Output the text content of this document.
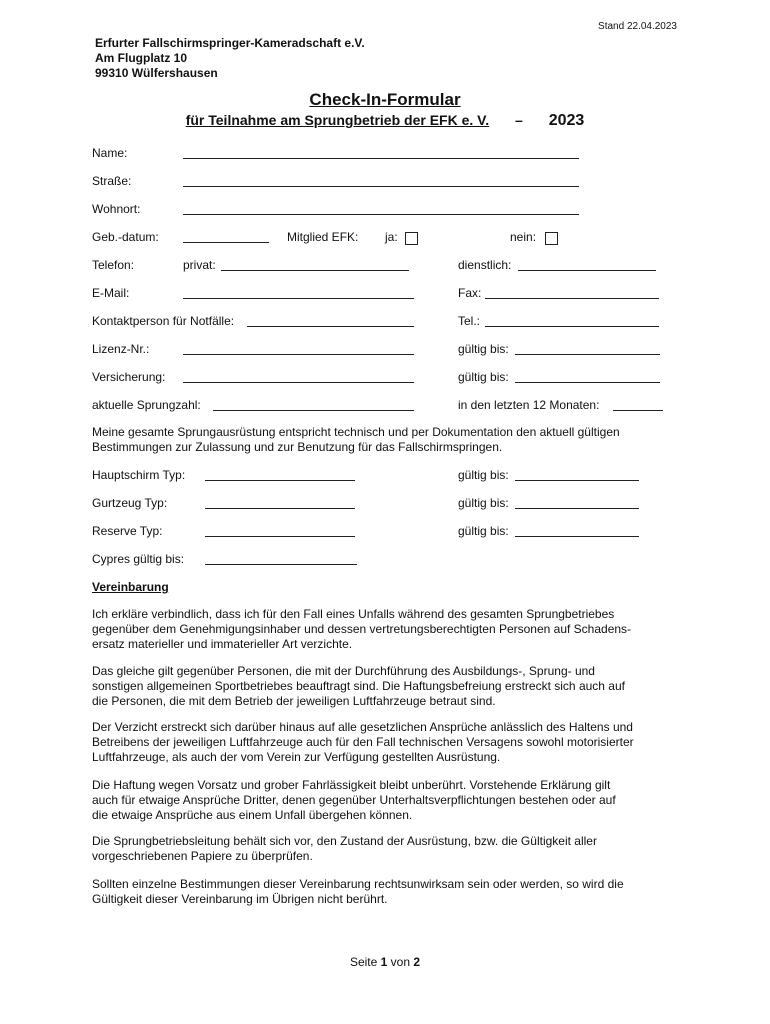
Stand 22.04.2023
Erfurter Fallschirmspringer-Kameradschaft e.V.
Am Flugplatz 10
99310 Wülfershausen
Check-In-Formular
für Teilnahme am Sprungbetrieb der EFK e. V. – 2023
Name:
Straße:
Wohnort:
Geb.-datum:	Mitglied EFK: ja:	nein:
Telefon:	privat:	dienstlich:
E-Mail:	Fax:
Kontaktperson für Notfälle:	Tel.:
Lizenz-Nr.:	gültig bis:
Versicherung:	gültig bis:
aktuelle Sprungzahl:	in den letzten 12 Monaten:
Meine gesamte Sprungausrüstung entspricht technisch und per Dokumentation den aktuell gültigen
Bestimmungen zur Zulassung und zur Benutzung für das Fallschirmspringen.
Hauptschirm Typ:	gültig bis:
Gurtzeug Typ:	gültig bis:
Reserve Typ:	gültig bis:
Cypres gültig bis:
Vereinbarung
Ich erkläre verbindlich, dass ich für den Fall eines Unfalls während des gesamten Sprungbetriebes
gegenüber dem Genehmigungsinhaber und dessen vertretungsberechtigten Personen auf Schadens-
ersatz materieller und immaterieller Art verzichte.
Das gleiche gilt gegenüber Personen, die mit der Durchführung des Ausbildungs-, Sprung- und
sonstigen allgemeinen Sportbetriebes beauftragt sind. Die Haftungsbefreiung erstreckt sich auch auf
die Personen, die mit dem Betrieb der jeweiligen Luftfahrzeuge betraut sind.
Der Verzicht erstreckt sich darüber hinaus auf alle gesetzlichen Ansprüche anlässlich des Haltens und
Betreibens der jeweiligen Luftfahrzeuge auch für den Fall technischen Versagens sowohl motorisierter
Luftfahrzeuge, als auch der vom Verein zur Verfügung gestellten Ausrüstung.
Die Haftung wegen Vorsatz und grober Fahrlässigkeit bleibt unberührt. Vorstehende Erklärung gilt
auch für etwaige Ansprüche Dritter, denen gegenüber Unterhaltsverpflichtungen bestehen oder auf
die etwaige Ansprüche aus einem Unfall übergehen können.
Die Sprungbetriebsleitung behält sich vor, den Zustand der Ausrüstung, bzw. die Gültigkeit aller
vorgeschriebenen Papiere zu überprüfen.
Sollten einzelne Bestimmungen dieser Vereinbarung rechtsunwirksam sein oder werden, so wird die
Gültigkeit dieser Vereinbarung im Übrigen nicht berührt.
Seite 1 von 2
